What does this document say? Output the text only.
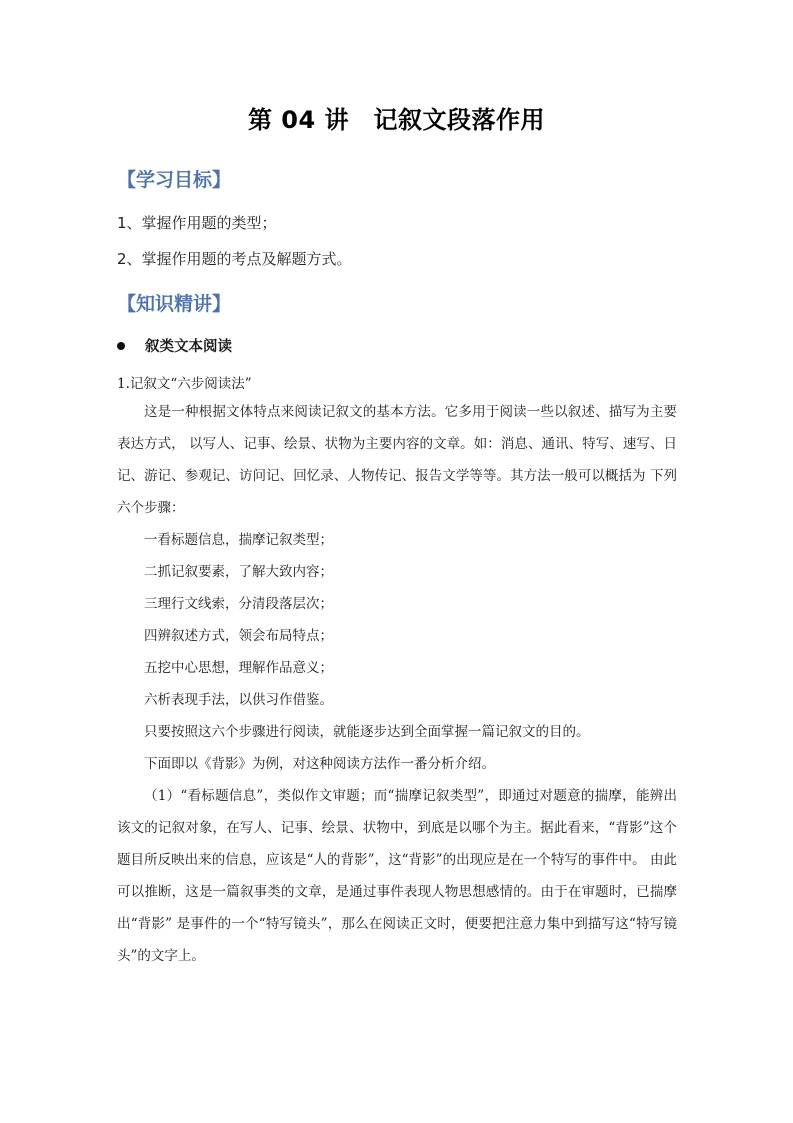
第 04 讲　记叙文段落作用
【学习目标】
1、掌握作用题的类型；
2、掌握作用题的考点及解题方式。
【知识精讲】
叙类文本阅读
1.记叙文“六步阅读法”

这是一种根据文体特点来阅读记叙文的基本方法。它多用于阅读一些以叙述、描写为主要表达方式， 以写人、记事、绘景、状物为主要内容的文章。如：消息、通讯、特写、速写、日记、游记、参观记、访问记、回忆录、人物传记、报告文学等等。其方法一般可以概括为 下列六个步骤：

一看标题信息，揣摩记叙类型；

二抓记叙要素，了解大致内容；

三理行文线索，分清段落层次；

四辨叙述方式，领会布局特点；

五挖中心思想，理解作品意义；

六析表现手法，以供习作借鉴。

只要按照这六个步骤进行阅读，就能逐步达到全面掌握一篇记叙文的目的。

下面即以《背影》为例，对这种阅读方法作一番分析介绍。

（1）“看标题信息”，类似作文审题；而“揣摩记叙类型”，即通过对题意的揣摩，能辨出该文的记叙对象，在写人、记事、绘景、状物中，到底是以哪个为主。据此看来，“背影”这个题目所反映出来的信息，应该是“人的背影”，这“背影”的出现应是在一个特写的事件中。 由此可以推断，这是一篇叙事类的文章，是通过事件表现人物思想感情的。由于在审题时，已揣摩出“背影” 是事件的一个“特写镜头”，那么在阅读正文时，便要把注意力集中到描写这“特写镜头”的文字上。
